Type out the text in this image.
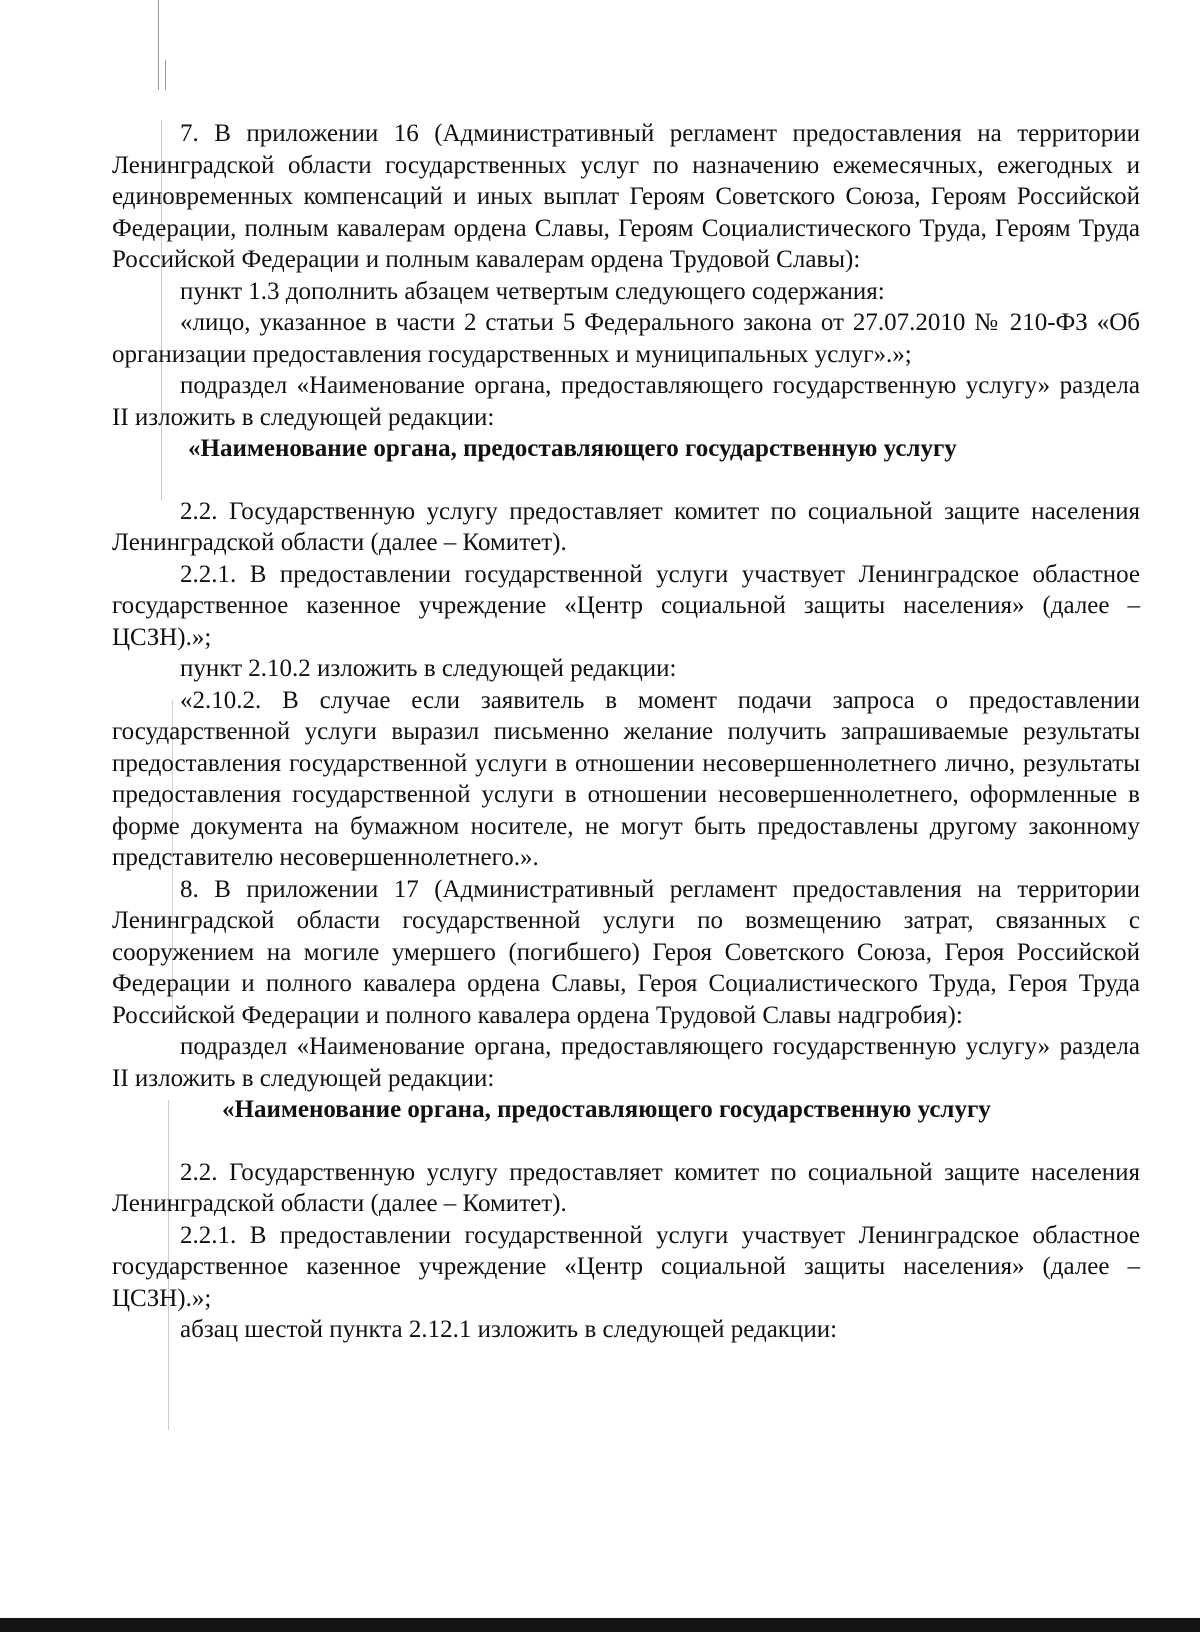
7. В приложении 16 (Административный регламент предоставления на территории Ленинградской области государственных услуг по назначению ежемесячных, ежегодных и единовременных компенсаций и иных выплат Героям Советского Союза, Героям Российской Федерации, полным кавалерам ордена Славы, Героям Социалистического Труда, Героям Труда Российской Федерации и полным кавалерам ордена Трудовой Славы):

пункт 1.3 дополнить абзацем четвертым следующего содержания:

«лицо, указанное в части 2 статьи 5 Федерального закона от 27.07.2010 № 210-ФЗ «Об организации предоставления государственных и муниципальных услуг».»;

подраздел «Наименование органа, предоставляющего государственную услугу» раздела II изложить в следующей редакции:

«Наименование органа, предоставляющего государственную услугу

2.2. Государственную услугу предоставляет комитет по социальной защите населения Ленинградской области (далее – Комитет).

2.2.1. В предоставлении государственной услуги участвует Ленинградское областное государственное казенное учреждение «Центр социальной защиты населения» (далее – ЦСЗН).»;

пункт 2.10.2 изложить в следующей редакции:

«2.10.2. В случае если заявитель в момент подачи запроса о предоставлении государственной услуги выразил письменно желание получить запрашиваемые результаты предоставления государственной услуги в отношении несовершеннолетнего лично, результаты предоставления государственной услуги в отношении несовершеннолетнего, оформленные в форме документа на бумажном носителе, не могут быть предоставлены другому законному представителю несовершеннолетнего.».

8. В приложении 17 (Административный регламент предоставления на территории Ленинградской области государственной услуги по возмещению затрат, связанных с сооружением на могиле умершего (погибшего) Героя Советского Союза, Героя Российской Федерации и полного кавалера ордена Славы, Героя Социалистического Труда, Героя Труда Российской Федерации и полного кавалера ордена Трудовой Славы надгробия):

подраздел «Наименование органа, предоставляющего государственную услугу» раздела II изложить в следующей редакции:

«Наименование органа, предоставляющего государственную услугу

2.2. Государственную услугу предоставляет комитет по социальной защите населения Ленинградской области (далее – Комитет).

2.2.1. В предоставлении государственной услуги участвует Ленинградское областное государственное казенное учреждение «Центр социальной защиты населения» (далее – ЦСЗН).»;

абзац шестой пункта 2.12.1 изложить в следующей редакции:
